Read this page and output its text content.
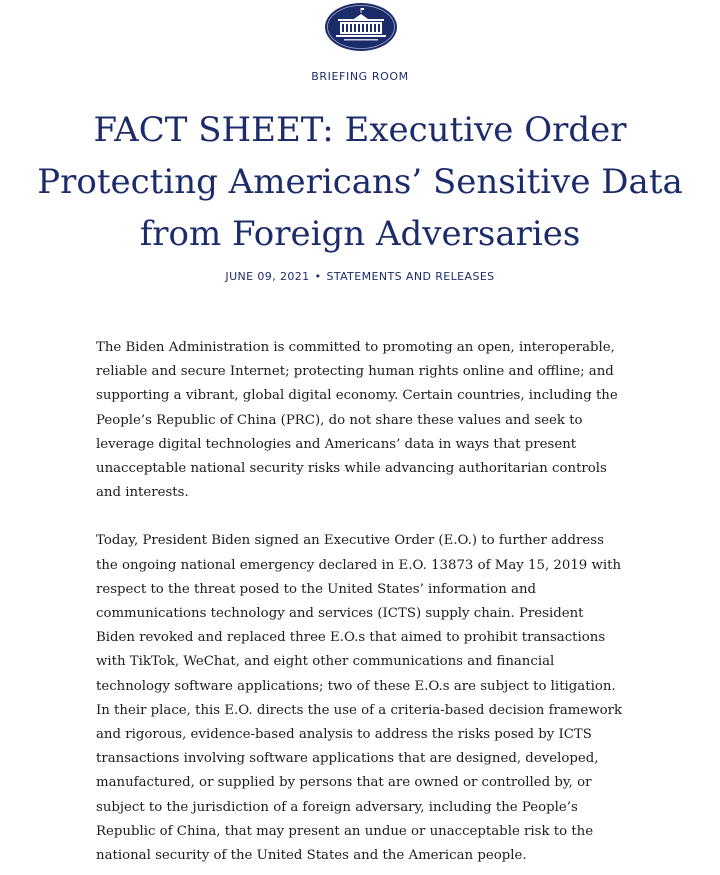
BRIEFING ROOM
FACT SHEET: Executive Order
Protecting Americans’ Sensitive Data
from Foreign Adversaries
JUNE 09, 2021 • STATEMENTS AND RELEASES

The Biden Administration is committed to promoting an open, interoperable,
reliable and secure Internet; protecting human rights online and offline; and
supporting a vibrant, global digital economy. Certain countries, including the
People’s Republic of China (PRC), do not share these values and seek to
leverage digital technologies and Americans’ data in ways that present
unacceptable national security risks while advancing authoritarian controls
and interests.

Today, President Biden signed an Executive Order (E.O.) to further address
the ongoing national emergency declared in E.O. 13873 of May 15, 2019 with
respect to the threat posed to the United States’ information and
communications technology and services (ICTS) supply chain. President
Biden revoked and replaced three E.O.s that aimed to prohibit transactions
with TikTok, WeChat, and eight other communications and financial
technology software applications; two of these E.O.s are subject to litigation.
In their place, this E.O. directs the use of a criteria-based decision framework
and rigorous, evidence-based analysis to address the risks posed by ICTS
transactions involving software applications that are designed, developed,
manufactured, or supplied by persons that are owned or controlled by, or
subject to the jurisdiction of a foreign adversary, including the People’s
Republic of China, that may present an undue or unacceptable risk to the
national security of the United States and the American people.
